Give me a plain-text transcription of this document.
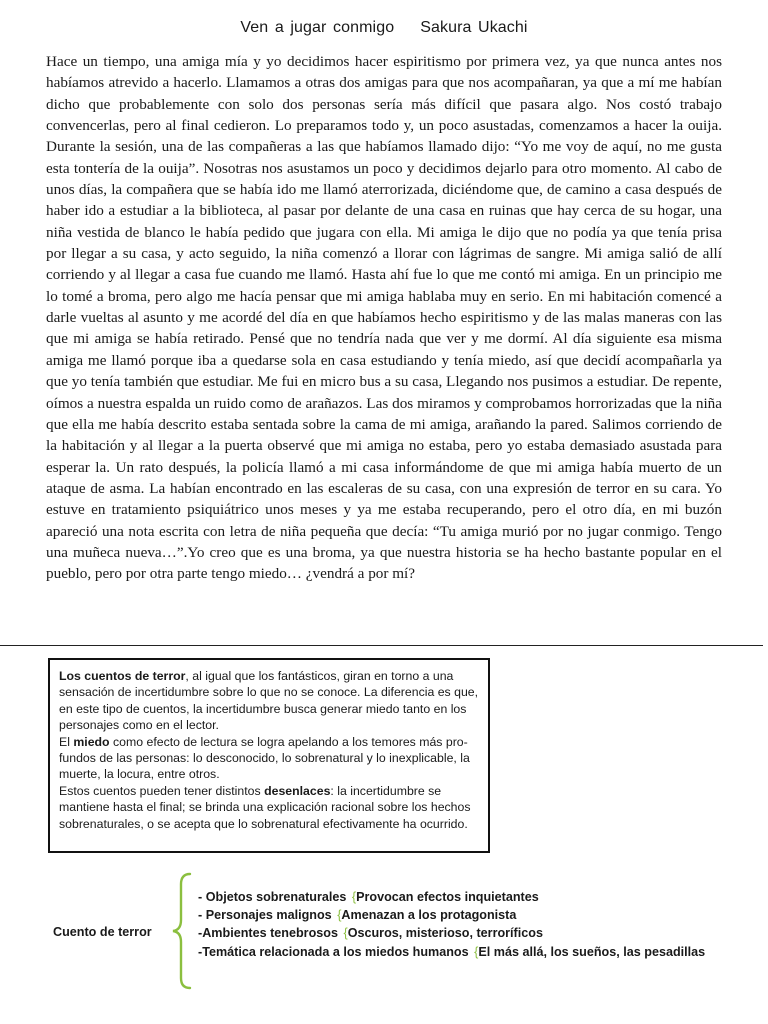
Ven a jugar conmigo Sakura Ukachi

Hace un tiempo, una amiga mía y yo decidimos hacer espiritismo por primera vez, ya que nunca antes nos habíamos atrevido a hacerlo. Llamamos a otras dos amigas para que nos acompañaran, ya que a mí me habían dicho que probablemente con solo dos personas sería más difícil que pasara algo. Nos costó trabajo convencerlas, pero al final cedieron. Lo preparamos todo y, un poco asustadas, comenzamos a hacer la ouija. Durante la sesión, una de las compañeras a las que habíamos llamado dijo: “Yo me voy de aquí, no me gusta esta tontería de la ouija”. Nosotras nos asustamos un poco y decidimos dejarlo para otro momento. Al cabo de unos días, la compañera que se había ido me llamó aterrorizada, diciéndome que, de camino a casa después de haber ido a estudiar a la biblioteca, al pasar por delante de una casa en ruinas que hay cerca de su hogar, una niña vestida de blanco le había pedido que jugara con ella. Mi amiga le dijo que no podía ya que tenía prisa por llegar a su casa, y acto seguido, la niña comenzó a llorar con lágrimas de sangre. Mi amiga salió de allí corriendo y al llegar a casa fue cuando me llamó. Hasta ahí fue lo que me contó mi amiga. En un principio me lo tomé a broma, pero algo me hacía pensar que mi amiga hablaba muy en serio. En mi habitación comencé a darle vueltas al asunto y me acordé del día en que habíamos hecho espiritismo y de las malas maneras con las que mi amiga se había retirado. Pensé que no tendría nada que ver y me dormí. Al día siguiente esa misma amiga me llamó porque iba a quedarse sola en casa estudiando y tenía miedo, así que decidí acompañarla ya que yo tenía también que estudiar. Me fui en micro bus a su casa, Llegando nos pusimos a estudiar. De repente, oímos a nuestra espalda un ruido como de arañazos. Las dos miramos y comprobamos horrorizadas que la niña que ella me había descrito estaba sentada sobre la cama de mi amiga, arañando la pared. Salimos corriendo de la habitación y al llegar a la puerta observé que mi amiga no estaba, pero yo estaba demasiado asustada para esperar la. Un rato después, la policía llamó a mi casa informándome de que mi amiga había muerto de un ataque de asma. La habían encontrado en las escaleras de su casa, con una expresión de terror en su cara. Yo estuve en tratamiento psiquiátrico unos meses y ya me estaba recuperando, pero el otro día, en mi buzón apareció una nota escrita con letra de niña pequeña que decía: “Tu amiga murió por no jugar conmigo. Tengo una muñeca nueva…”.Yo creo que es una broma, ya que nuestra historia se ha hecho bastante popular en el pueblo, pero por otra parte tengo miedo… ¿vendrá a por mí?

Los cuentos de terror, al igual que los fantásticos, giran en torno a una sensación de incertidumbre sobre lo que no se conoce. La diferencia es que, en este tipo de cuentos, la incertidumbre busca generar miedo tanto en los personajes como en el lector.

El miedo como efecto de lectura se logra apelando a los temores más pro-fundos de las personas: lo desconocido, lo sobrenatural y lo inexplicable, la muerte, la locura, entre otros.

Estos cuentos pueden tener distintos desenlaces: la incertidumbre se mantiene hasta el final; se brinda una explicación racional sobre los hechos sobrenaturales, o se acepta que lo sobrenatural efectivamente ha ocurrido.

Cuento de terror
- Objetos sobrenaturales {Provocan efectos inquietantes
- Personajes malignos {Amenazan a los protagonista
-Ambientes tenebrosos {Oscuros, misterioso, terroríficos
-Temática relacionada a los miedos humanos {El más allá, los sueños, las pesadillas
